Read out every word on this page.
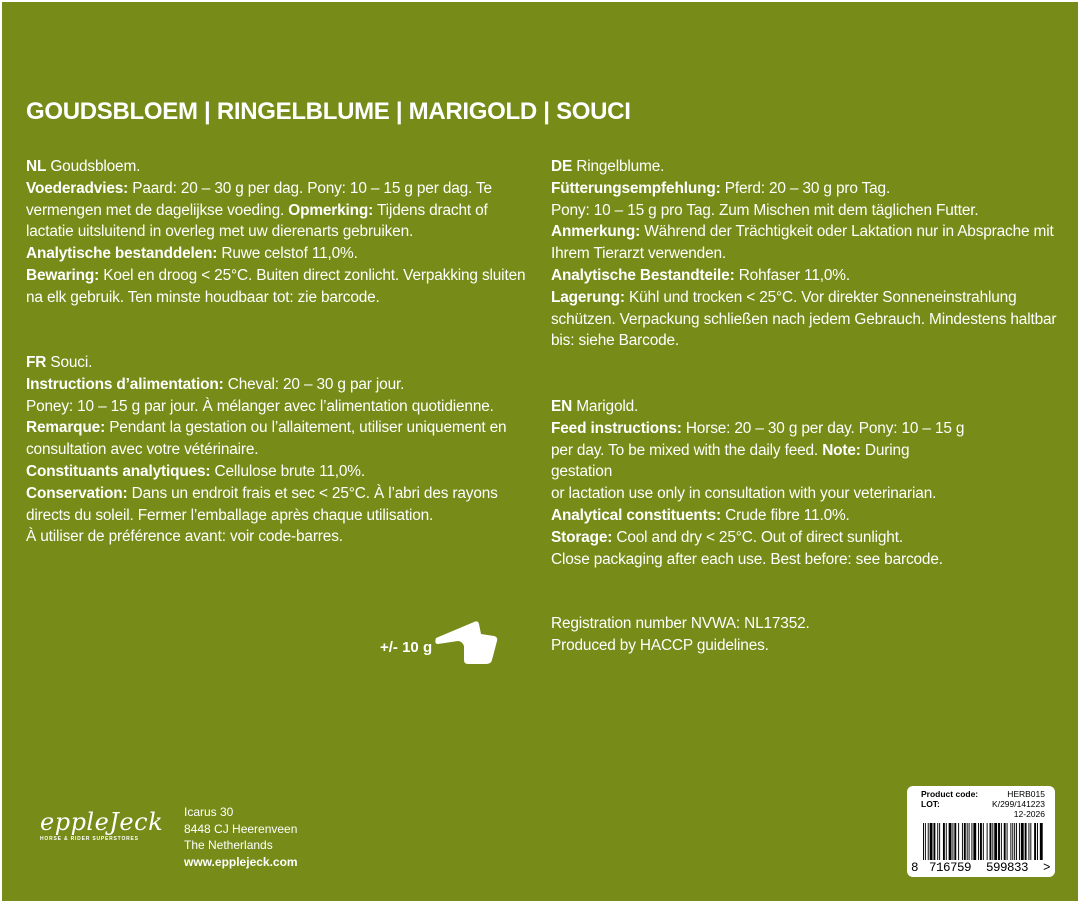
GOUDSBLOEM | RINGELBLUME | MARIGOLD | SOUCI

NL Goudsbloem.

Voederadvies: Paard: 20 – 30 g per dag. Pony: 10 – 15 g per dag. Te vermengen met de dagelijkse voeding. Opmerking: Tijdens dracht of lactatie uitsluitend in overleg met uw dierenarts gebruiken.

Analytische bestanddelen: Ruwe celstof 11,0%.

Bewaring: Koel en droog < 25°C. Buiten direct zonlicht. Verpakking sluiten na elk gebruik. Ten minste houdbaar tot: zie barcode.

FR Souci.

Instructions d’alimentation: Cheval: 20 – 30 g par jour.

Poney: 10 – 15 g par jour. À mélanger avec l’alimentation quotidienne.

Remarque: Pendant la gestation ou l’allaitement, utiliser uniquement en consultation avec votre vétérinaire.

Constituants analytiques: Cellulose brute 11,0%.

Conservation: Dans un endroit frais et sec < 25°C. À l’abri des rayons directs du soleil. Fermer l’emballage après chaque utilisation.

À utiliser de préférence avant: voir code-barres.

DE Ringelblume.

Fütterungsempfehlung: Pferd: 20 – 30 g pro Tag.

Pony: 10 – 15 g pro Tag. Zum Mischen mit dem täglichen Futter.

Anmerkung: Während der Trächtigkeit oder Laktation nur in Absprache mit Ihrem Tierarzt verwenden.

Analytische Bestandteile: Rohfaser 11,0%.

Lagerung: Kühl und trocken < 25°C. Vor direkter Sonneneinstrahlung schützen. Verpackung schließen nach jedem Gebrauch. Mindestens haltbar bis: siehe Barcode.

EN Marigold.

Feed instructions: Horse: 20 – 30 g per day. Pony: 10 – 15 g per day. To be mixed with the daily feed. Note: During gestation

or lactation use only in consultation with your veterinarian.

Analytical constituents: Crude fibre 11.0%.

Storage: Cool and dry < 25°C. Out of direct sunlight.

Close packaging after each use. Best before: see barcode.

Registration number NVWA: NL17352.

Produced by HACCP guidelines.

+/- 10 g
eppleJeck
HORSE & RIDER SUPERSTORES
Icarus 30
8448 CJ Heerenveen
The Netherlands
www.epplejeck.com
Product code:	HERB015
LOT:	K/299/141223
12-2026
8 716759 599833 >
